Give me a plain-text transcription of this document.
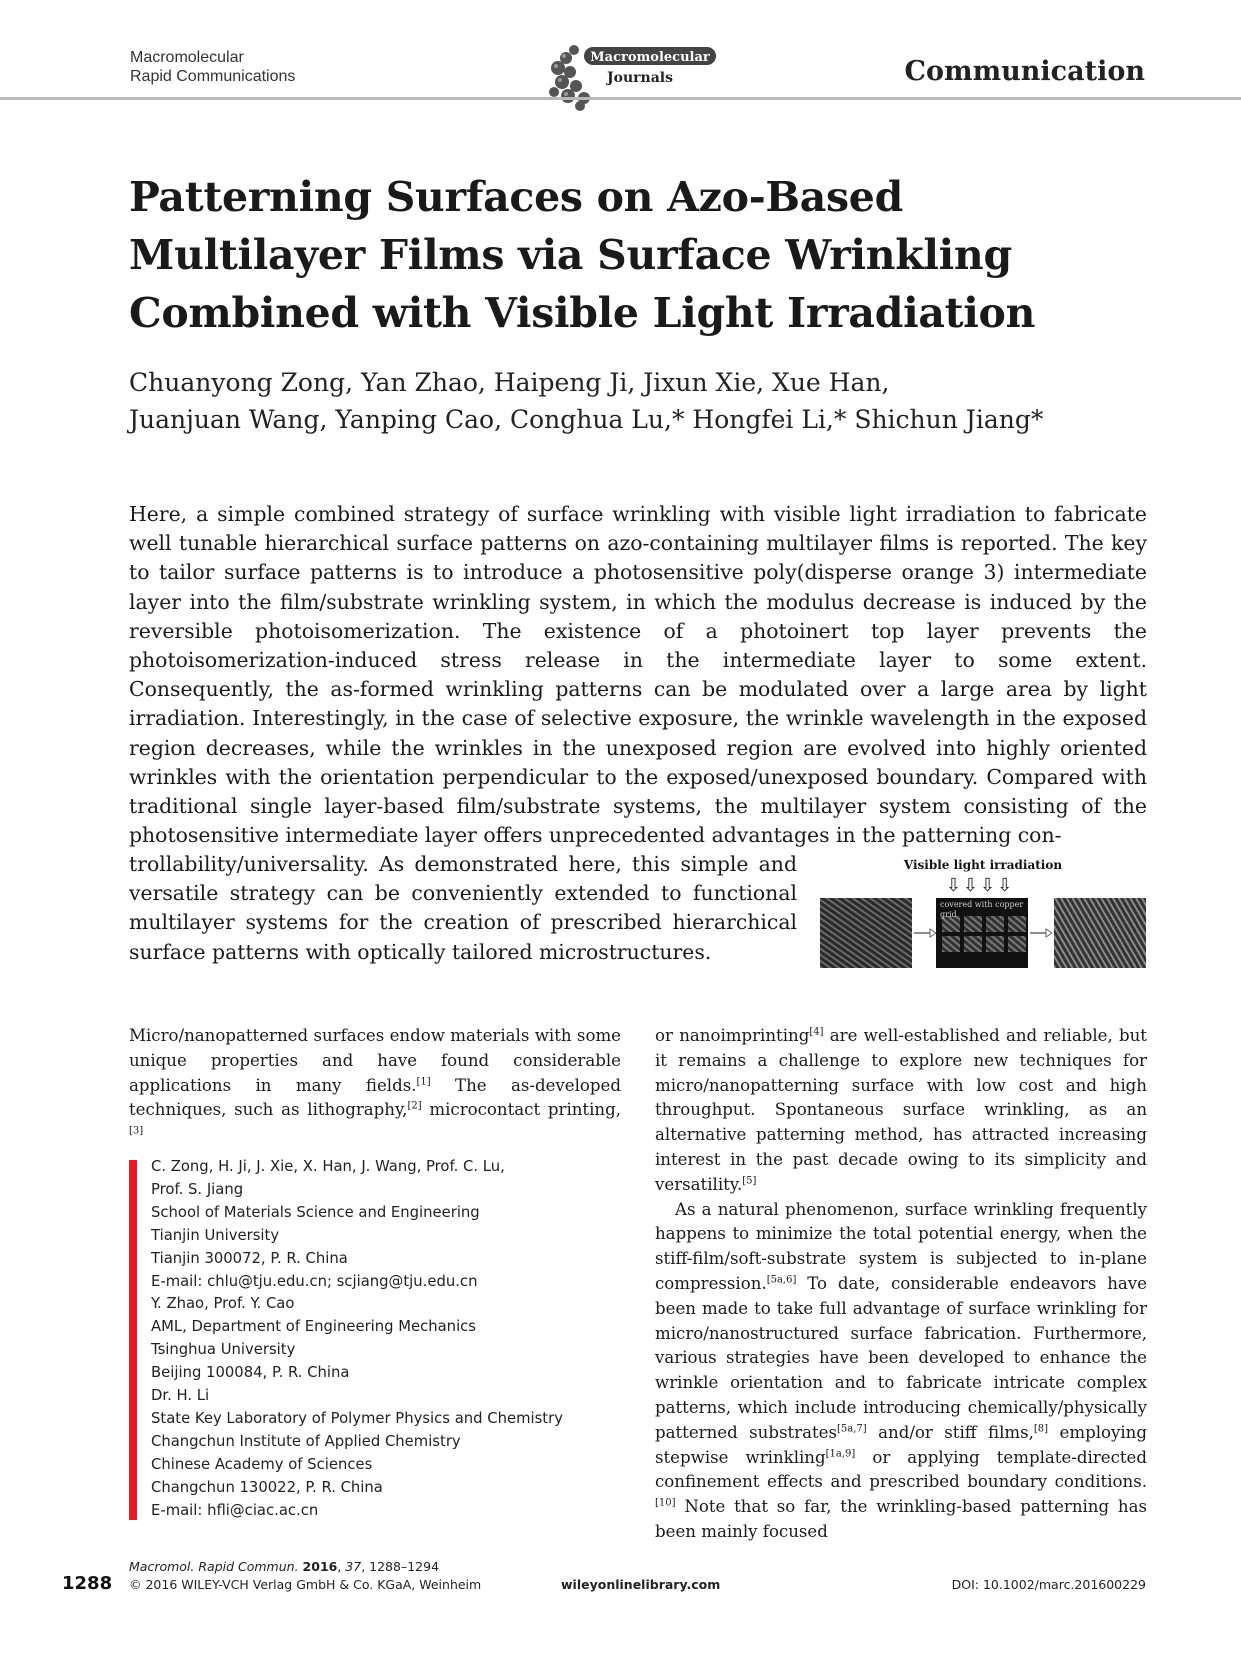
Macromolecular
Rapid Communications
Macromolecular
Journals	Communication
Patterning Surfaces on Azo-Based Multilayer Films via Surface Wrinkling Combined with Visible Light Irradiation
Chuanyong Zong, Yan Zhao, Haipeng Ji, Jixun Xie, Xue Han,
Juanjuan Wang, Yanping Cao, Conghua Lu,* Hongfei Li,* Shichun Jiang*

Here, a simple combined strategy of surface wrinkling with visible light irradiation to fabricate well tunable hierarchical surface patterns on azo-containing multilayer films is reported. The key to tailor surface patterns is to introduce a photosensitive poly(disperse orange 3) intermediate layer into the film/substrate wrinkling system, in which the modulus decrease is induced by the reversible photoisomerization. The existence of a photoinert top layer prevents the photoisomerization-induced stress release in the intermediate layer to some extent. Consequently, the as-formed wrinkling patterns can be modulated over a large area by light irradiation. Interestingly, in the case of selective exposure, the wrinkle wavelength in the exposed region decreases, while the wrinkles in the unexposed region are evolved into highly oriented wrinkles with the orientation perpendicular to the exposed/unexposed boundary. Compared with traditional single layer-based film/substrate systems, the multilayer system consisting of the photosensitive intermediate layer offers unprecedented advantages in the patterning con-

trollability/universality. As demonstrated here, this simple and versatile strategy can be conveniently extended to functional multilayer systems for the creation of prescribed hierarchical surface patterns with optically tailored microstructures.

Visible light irradiation
⇩⇩⇩⇩
covered with copper grid

Micro/nanopatterned surfaces endow materials with some unique properties and have found considerable applications in many fields.[1] The as-developed techniques, such as lithography,[2] microcontact printing,[3]

C. Zong, H. Ji, J. Xie, X. Han, J. Wang, Prof. C. Lu,
Prof. S. Jiang
School of Materials Science and Engineering
Tianjin University
Tianjin 300072, P. R. China
E-mail: chlu@tju.edu.cn; scjiang@tju.edu.cn
Y. Zhao, Prof. Y. Cao
AML, Department of Engineering Mechanics
Tsinghua University
Beijing 100084, P. R. China
Dr. H. Li
State Key Laboratory of Polymer Physics and Chemistry
Changchun Institute of Applied Chemistry
Chinese Academy of Sciences
Changchun 130022, P. R. China
E-mail: hfli@ciac.ac.cn

or nanoimprinting[4] are well-established and reliable, but it remains a challenge to explore new techniques for micro/nanopatterning surface with low cost and high throughput. Spontaneous surface wrinkling, as an alternative patterning method, has attracted increasing interest in the past decade owing to its simplicity and versatility.[5]

As a natural phenomenon, surface wrinkling frequently happens to minimize the total potential energy, when the stiff-film/soft-substrate system is subjected to in-plane compression.[5a,6] To date, considerable endeavors have been made to take full advantage of surface wrinkling for micro/nanostructured surface fabrication. Furthermore, various strategies have been developed to enhance the wrinkle orientation and to fabricate intricate complex patterns, which include introducing chemically/physically patterned substrates[5a,7] and/or stiff films,[8] employing stepwise wrinkling[1a,9] or applying template-directed confinement effects and prescribed boundary conditions.[10] Note that so far, the wrinkling-based patterning has been mainly focused

1288
Macromol. Rapid Commun. 2016, 37, 1288–1294
© 2016 WILEY-VCH Verlag GmbH & Co. KGaA, Weinheim	wileyonlinelibrary.com	DOI: 10.1002/marc.201600229
